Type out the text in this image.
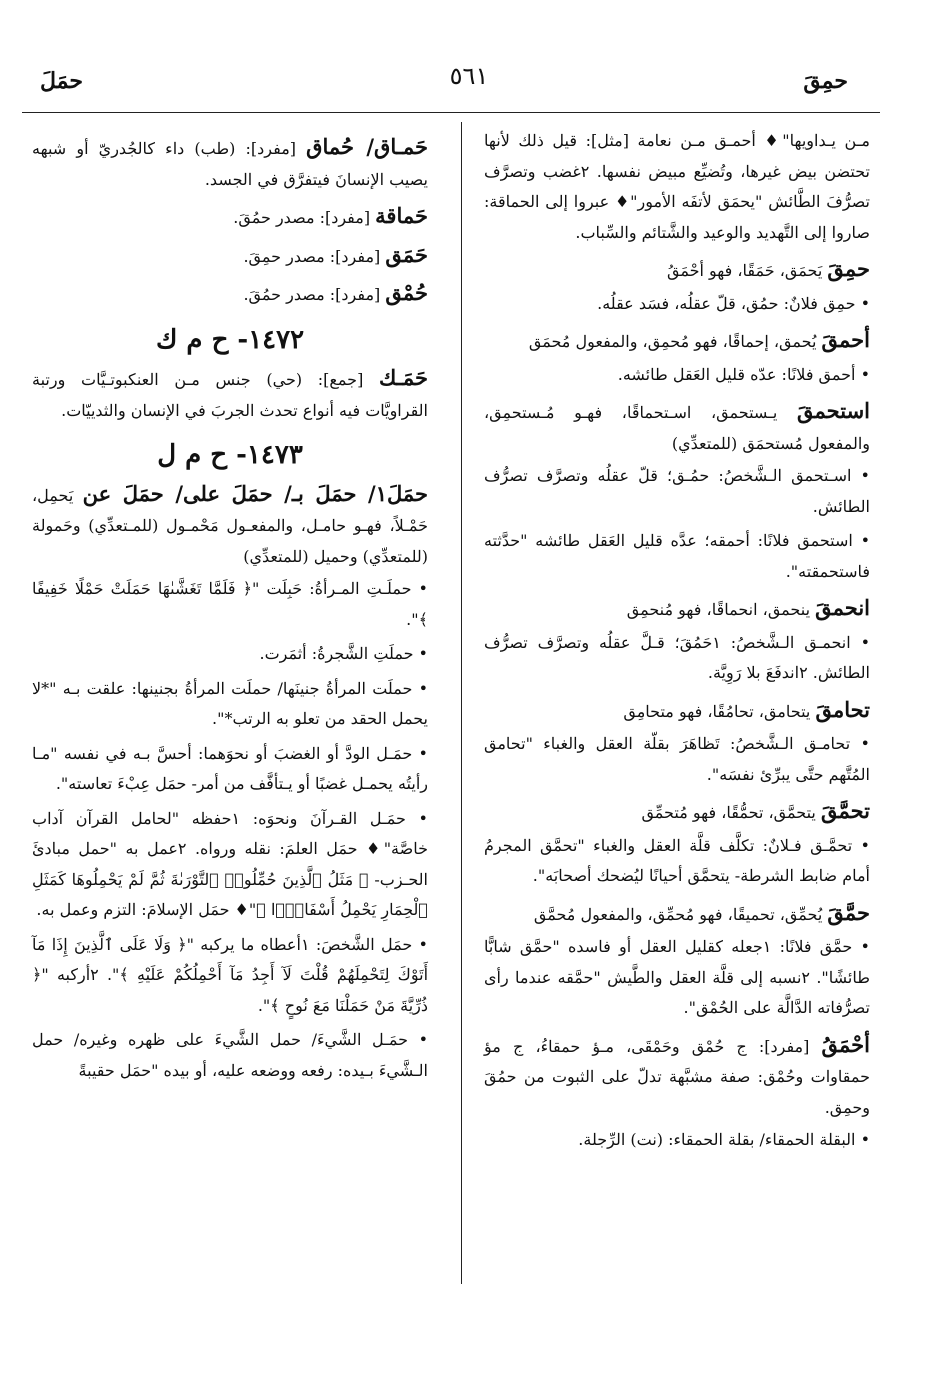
حمِقَ
٥٦١
حمَلَ

مـن يـداويها"♦ أحمـق مـن نعامة [مثل]: قيل ذلك لأنها تحتضن بيض غيرها، وتُضيِّع مبيض نفسها. ٢غضب وتصرَّف تصرُّفَ الطَّائش "يحمَق لأتفَه الأمور"♦ عبروا إلى الحماقة: صاروا إلى التَّهديد والوعيد والشَّتائم والسِّباب.

حمِقَ يَحمَق، حَمَقًا، فهو أحْمَقُ

• حمِق فلانٌ: حمُق، قلّ عقلُه، فسَد عقلُه.

أحمقَ يُحمق، إحماقًا، فهو مُحمِق، والمفعول مُحمَق

• أحمق فلانًا: عدّه قليل العَقل طائشه.

استحمقَ يـستحمق، اسـتحماقًا، فهـو مُـستحمِق، والمفعول مُستحمَق (للمتعدِّي)

• اسـتحمق الـشَّخصُ: حمُـق؛ قلّ عقلُه وتصرَّف تصرُّف الطائش.

• استحمق فلانًا: أحمقه؛ عدَّه قليل العَقل طائشه "حدَّثته فاستحمقته".

انحمقَ ينحمق، انحماقًا، فهو مُنحمِق

• انحمـق الـشَّخصُ: ١حَمُقَ؛ قـلَّ عقلُه وتصرَّف تصرُّف الطائش. ٢اندفَعَ بلا رَوِيَّة.

تحامقَ يتحامق، تحامُقًا، فهو متحامِق

• تحامـق الـشَّخصُ: تَظاهَرَ بقلّة العقل والغباء "تحامق المُتَّهم حتَّى يبرِّئ نفسَه".

تحمَّقَ يتحمَّق، تحمُّقًا، فهو مُتحمِّق

• تحمَّـق فـلانٌ: تكلَّف قلَّة العقل والغباء "تحمَّق المجرمُ أمام ضابط الشرطة- يتحمَّق أحيانًا ليُضحك أصحابَه".

حمَّقَ يُحمِّق، تحميقًا، فهو مُحمِّق، والمفعول مُحمَّق

• حمَّق فلانًا: ١جعله كقليل العقل أو فاسده "حمَّق شابًّا طائشًا". ٢نسبه إلى قلَّة العقل والطَّيش "حمَّقه عندما رأى تصرُّفاته الدَّالَّة على الحُمْق".

أحْمَقُ [مفرد]: ج حُمْق وحَمْقَى، مـؤ حمقاءُ، ج مؤ حمقاوات وحُمْق: صفة مشبَّهة تدلّ على الثبوت من حمُقَ وحمِق.

• البقلة الحمقاء/ بقلة الحمقاء: (نت) الرِّجلة.

حَمـاق/ حُماق [مفرد]: (طب) داء كالجُدريّ أو شبهه يصيب الإنسانَ فيتفرَّق في الجسد.

حَماقة [مفرد]: مصدر حمُقَ.

حَمَق [مفرد]: مصدر حمِقَ.

حُمْق [مفرد]: مصدر حمُقَ.

١٤٧٢- ح م ك

حَمَـك [جمع]: (حي) جنس مـن العنكبوتـيَّات ورتبة القراويَّات فيه أنواع تحدث الجربَ في الإنسان والثدييّات.

١٤٧٣- ح م ل

حمَلَ١/ حمَلَ بـ/ حمَلَ على/ حمَلَ عن يَحمِل، حَمْـلاً، فهـو حامـل، والمفعـول مَحْمـول (للمـتعدِّي) وحَمولة (للمتعدِّي) وحميل (للمتعدِّي)

• حملَـتِ المـرأةُ: حَبِلَت "﴿ فَلَمَّا تَغَشَّىٰهَا حَمَلَتْ حَمْلًا خَفِيفًا ﴾".

• حملَتِ الشَّجرةُ: أثمَرت.

• حملَت المرأةُ جنينَها/ حملَت المرأةُ بجنينها: علقت بـه "*لا يحمل الحقد من تعلو به الرتب*".

• حمَـل الودَّ أو الغضبَ أو نحوَهما: أحسَّ بـه في نفسه "مـا رأيتُه يحمـل غضبًا أو يـتأفَّف من أمر- حمَل عِبْءَ تعاسته".

• حمَـل القـرآنَ ونحوَه: ١حفظه "لحامل القرآن آداب خاصَّة"♦ حمَل العلمَ: نقله ورواه. ٢عمل به "حمل مبادئَ الحـزب- ﴿ مَثَلُ ٱلَّذِينَ حُمِّلُوا۟ ٱلتَّوْرَىٰةَ ثُمَّ لَمْ يَحْمِلُوهَا كَمَثَلِ ٱلْحِمَارِ يَحْمِلُ أَسْفَارًۢا ﴾"♦ حمَل الإسلامَ: التزم وعمل به.

• حمَل الشَّخصَ: ١أعطاه ما يركبه "﴿ وَلَا عَلَى ٱلَّذِينَ إِذَا مَآ أَتَوْكَ لِتَحْمِلَهُمْ قُلْتَ لَآ أَجِدُ مَآ أَحْمِلُكُمْ عَلَيْهِ ﴾". ٢أركبه "﴿ ذُرِّيَّةَ مَنْ حَمَلْنَا مَعَ نُوحٍ ﴾".

• حمَـل الشَّيءَ/ حمل الشَّيءَ على ظهره وغيره/ حمل الـشَّيءَ بـيده: رفعه ووضعه عليه، أو بيده "حمَل حقيبةً
